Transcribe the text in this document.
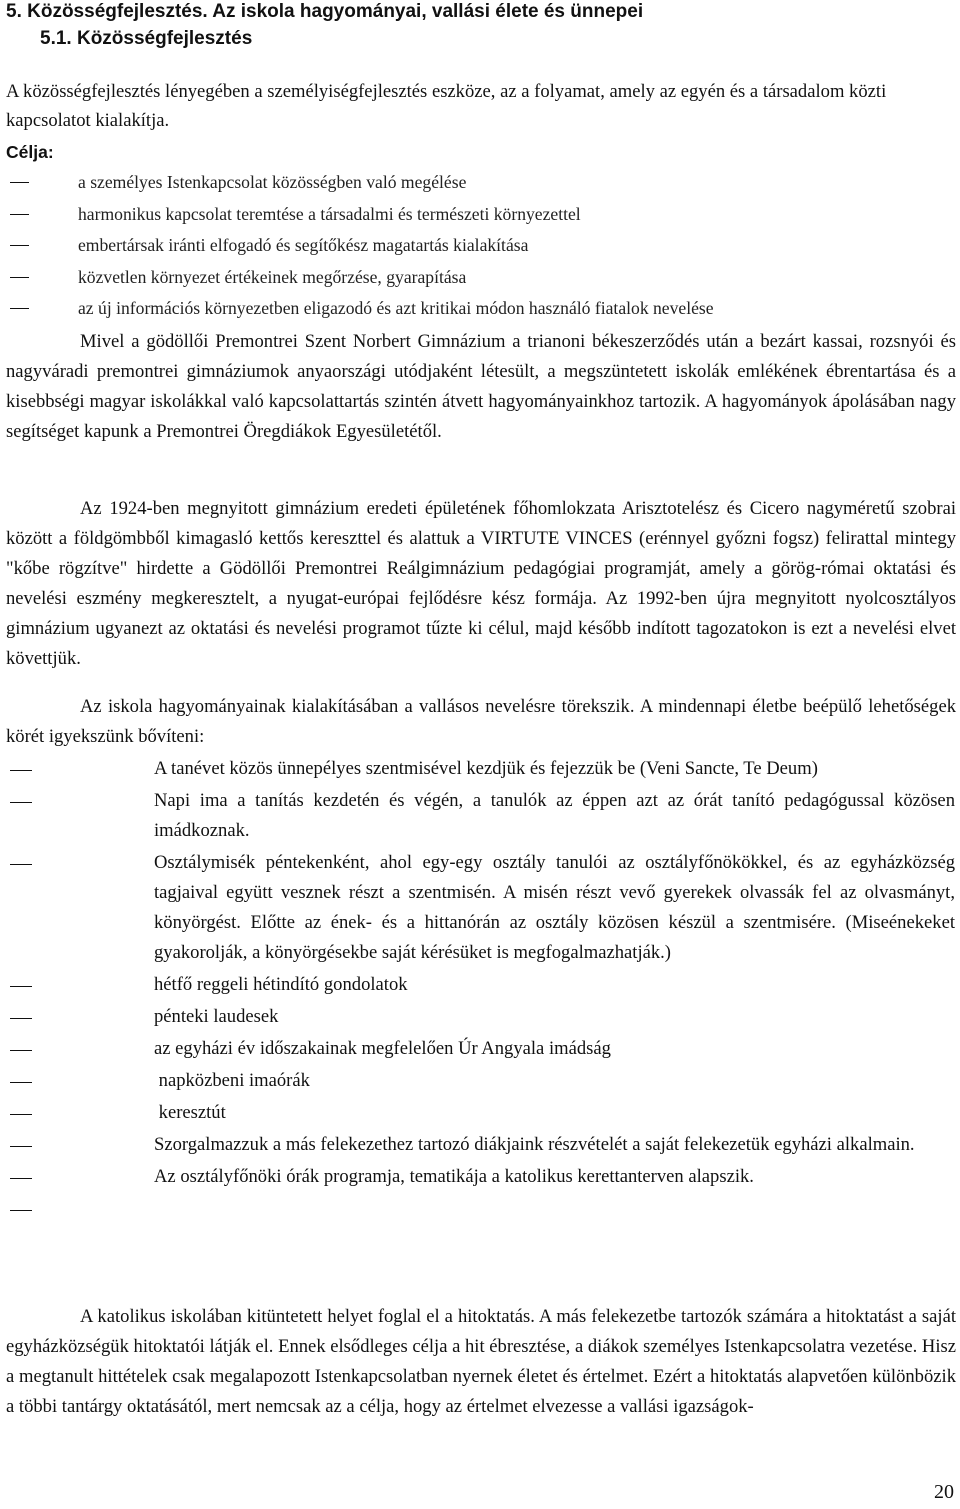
5. Közösségfejlesztés. Az iskola hagyományai, vallási élete és ünnepei
5.1. Közösségfejlesztés
A közösségfejlesztés lényegében a személyiségfejlesztés eszköze, az a folyamat, amely az egyén és a társadalom közti kapcsolatot kialakítja.
Célja:
a személyes Istenkapcsolat közösségben való megélése
harmonikus kapcsolat teremtése a társadalmi és természeti környezettel
embertársak iránti elfogadó és segítőkész magatartás kialakítása
közvetlen környezet értékeinek megőrzése, gyarapítása
az új információs környezetben eligazodó és azt kritikai módon használó fiatalok nevelése
Mivel a gödöllői Premontrei Szent Norbert Gimnázium a trianoni békeszerződés után a bezárt kassai, rozsnyói és nagyváradi premontrei gimnáziumok anyaországi utódjaként létesült, a megszüntetett iskolák emlékének ébrentartása és a kisebbségi magyar iskolákkal való kapcsolattartás szintén átvett hagyományainkhoz tartozik. A hagyományok ápolásában nagy segítséget kapunk a Premontrei Öregdiákok Egyesületétől.
Az 1924-ben megnyitott gimnázium eredeti épületének főhomlokzata Arisztotelész és Cicero nagyméretű szobrai között a földgömbből kimagasló kettős kereszttel és alattuk a VIRTUTE VINCES (erénnyel győzni fogsz) felirattal mintegy "kőbe rögzítve" hirdette a Gödöllői Premontrei Reálgimnázium pedagógiai programját, amely a görög-római oktatási és nevelési eszmény megkeresztelt, a nyugat-európai fejlődésre kész formája. Az 1992-ben újra megnyitott nyolcosztályos gimnázium ugyanezt az oktatási és nevelési programot tűzte ki célul, majd később indított tagozatokon is ezt a nevelési elvet követtjük.
Az iskola hagyományainak kialakításában a vallásos nevelésre törekszik. A mindennapi életbe beépülő lehetőségek körét igyekszünk bővíteni:
A tanévet közös ünnepélyes szentmisével kezdjük és fejezzük be (Veni Sancte, Te Deum)
Napi ima a tanítás kezdetén és végén, a tanulók az éppen azt az órát tanító pedagógussal közösen imádkoznak.
Osztálymisék péntekenként, ahol egy-egy osztály tanulói az osztályfőnökökkel, és az egyházközség tagjaival együtt vesznek részt a szentmisén. A misén részt vevő gyerekek olvassák fel az olvasmányt, könyörgést. Előtte az ének- és a hittanórán az osztály közösen készül a szentmisére. (Miseénekeket gyakorolják, a könyörgésekbe saját kérésüket is megfogalmazhatják.)
hétfő reggeli hétindító gondolatok
pénteki laudesek
az egyházi év időszakainak megfelelően Úr Angyala imádság
napközbeni imaórák
keresztút
Szorgalmazzuk a más felekezethez tartozó diákjaink részvételét a saját felekezetük egyházi alkalmain.
Az osztályfőnöki órák programja, tematikája a katolikus kerettanterven alapszik.
A katolikus iskolában kitüntetett helyet foglal el a hitoktatás. A más felekezetbe tartozók számára a hitoktatást a saját egyházközségük hitoktatói látják el. Ennek elsődleges célja a hit ébresztése, a diákok személyes Istenkapcsolatra vezetése. Hisz a megtanult hittételek csak megalapozott Istenkapcsolatban nyernek életet és értelmet. Ezért a hitoktatás alapvetően különbözik a többi tantárgy oktatásától, mert nemcsak az a célja, hogy az értelmet elvezesse a vallási igazságok-
20
